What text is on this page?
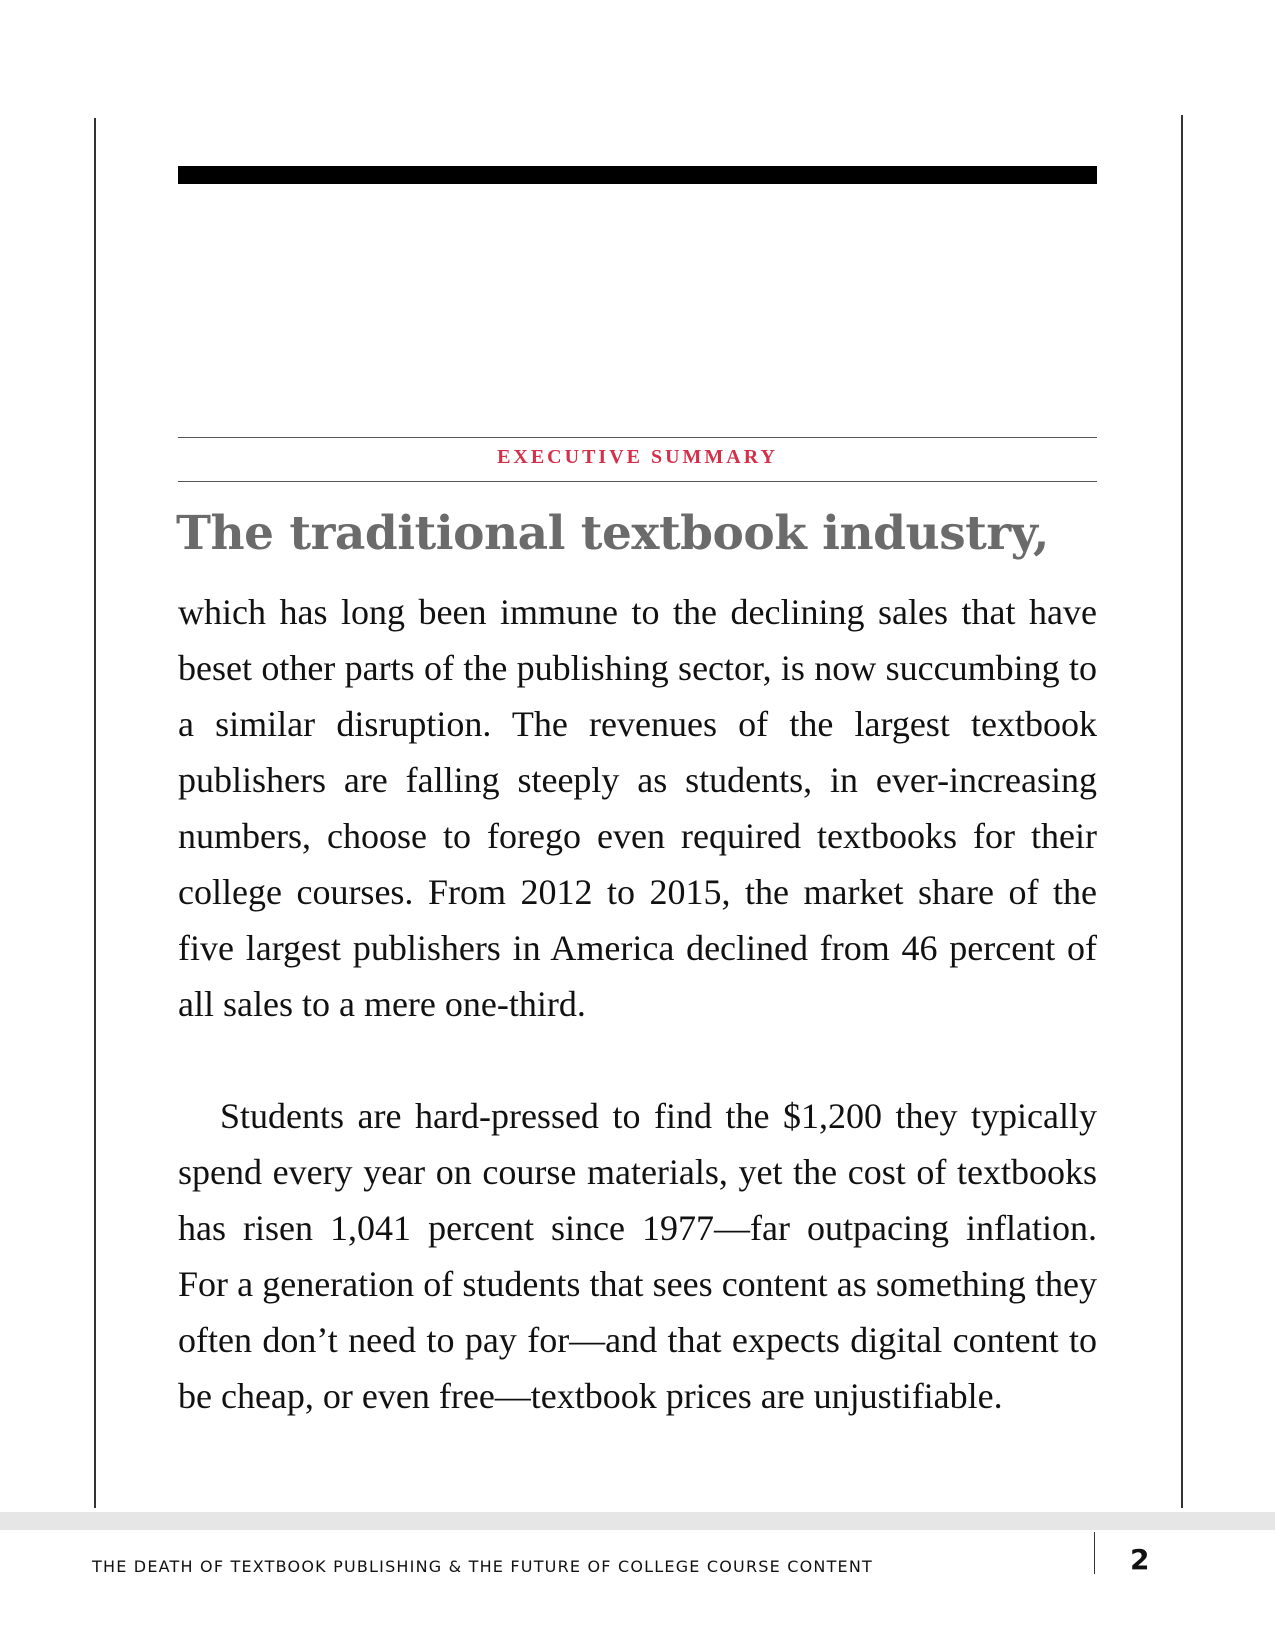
EXECUTIVE SUMMARY
The traditional textbook industry,

which has long been immune to the declining sales that have beset other parts of the publishing sector, is now succumbing to a similar disruption. The revenues of the largest textbook publishers are falling steeply as students, in ever-increasing numbers, choose to forego even required textbooks for their college courses. From 2012 to 2015, the market share of the five largest publishers in America declined from 46 percent of all sales to a mere one-third.

Students are hard-pressed to find the $1,200 they typically spend every year on course materials, yet the cost of textbooks has risen 1,041 percent since 1977—far outpacing inflation. For a generation of students that sees content as something they often don’t need to pay for—and that expects digital content to be cheap, or even free—textbook prices are unjustifiable.

THE DEATH OF TEXTBOOK PUBLISHING & THE FUTURE OF COLLEGE COURSE CONTENT	2
